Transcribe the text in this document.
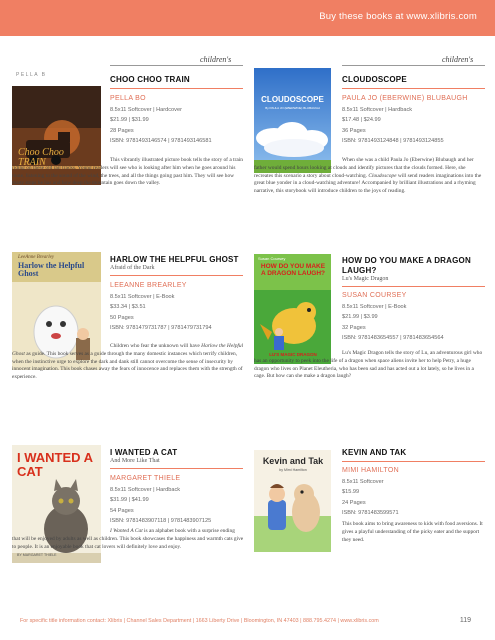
Buy these books at www.xlibris.com
children's	children's
PELLA B
Choo Choo TRAIN
CHOO CHOO TRAIN
PELLA BO
8.5x11 Softcover | Hardcover
$21.99 | $31.99
28 Pages
ISBN: 9781493146574 | 9781493146581
This vibrantly illustrated picture book tells the story of a train riding on these old rail tracks. Young readers will see who is looking after him when he goes around his route, listening to the sound of the wind, the trees, and all the things going past him. They will see how many stops he has and how deep the mountain goes down the valley.
CLOUDOSCOPE
By PAULA JO (EBERWINE) BLUBAUGH
CLOUDOSCOPE
PAULA JO (EBERWINE) BLUBAUGH
8.5x11 Softcover | Hardback
$17.48 | $24.99
36 Pages
ISBN: 9781493124848 | 9781493124855
When she was a child Paula Jo (Eberwine) Blubaugh and her father would spend hours looking at clouds and identify pictures that the clouds formed. Here, she recreates this scenario a story about cloud-watching. Cloudoscope will send readers imaginations into the great blue yonder in a cloud-watching adventure! Accompanied by brilliant illustrations and a rhyming narrative, this storybook will introduce children to the joys of reading.
LeeAnne Brearley
Harlow the Helpful Ghost
HARLOW THE HELPFUL GHOST
Afraid of the Dark
LEEANNE BREARLEY
8.5x11 Softcover | E-Book
$33.34 | $3.51
50 Pages
ISBN: 9781479731787 | 9781479731794
Children who fear the unknown will have Harlow the Helpful Ghost as guide. This book serves as a guide through the many domestic instances which terrify children, when the instinctive urge to explore the dark and dank still cannot overcome the sense of insecurity by innocent imagination. This book chases away the fears of innocence and replaces them with the strength of experience.
Susan Coursey
HOW DO YOU MAKE A DRAGON LAUGH?
LU'S MAGIC DRAGON
HOW DO YOU MAKE A DRAGON LAUGH?
Lu's Magic Dragon
SUSAN COURSEY
8.5x11 Softcover | E-Book
$21.99 | $3.99
32 Pages
ISBN: 9781483654557 | 9781483654564
Lu's Magic Dragon tells the story of Lu, an adventurous girl who has an opportunity to peek into the life of a dragon when space aliens invite her to help Petry, a huge dragon who lives on Planet Eleutheria, who has been sad and has acted out a lot lately, so he lives in a cage. But how can she make a dragon laugh?
I WANTED A CAT
BY MARGARET THIELE
I WANTED A CAT
And More Like That
MARGARET THIELE
8.5x11 Softcover | Hardback
$31.99 | $41.99
54 Pages
ISBN: 9781483907118 | 9781483907125
I Wanted A Cat is an alphabet book with a surprise ending that will be enjoyed by adults as well as children. This book showcases the happiness and warmth cats give to people. It is an enjoyable book that cat lovers will definitely love and enjoy.
Kevin and Tak
by Mimi Hamilton
KEVIN AND TAK
MIMI HAMILTON
8.5x11 Softcover
$15.99
24 Pages
ISBN: 9781483599571
This book aims to bring awareness to kids with food aversions. It gives a playful understanding of the picky eater and the support they need.
For specific title information contact: Xlibris | Channel Sales Department | 1663 Liberty Drive | Bloomington, IN 47403 | 888.795.4274 | www.xlibris.com	119
